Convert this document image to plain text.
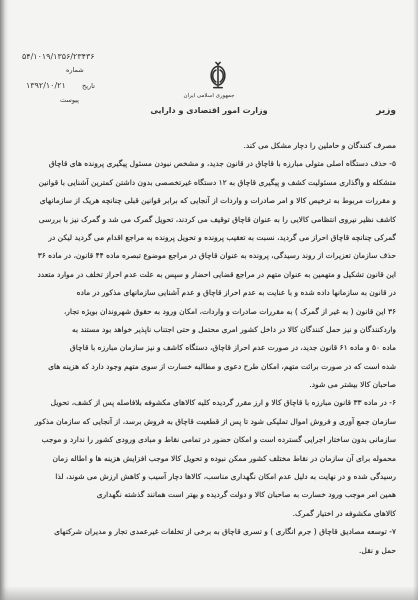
۵۴/۱۰۱۹/۱۳۵۶/۲۳۴۳۶
شماره
۱۳۹۲/۱۰/۲۱ تاریخ
پیوست	جمهوری اسلامی ایران
وزارت امور اقتصادی و دارایی	وزیر
مصرف کنندگان و حاملین را دچار مشکل می کند.
۵- حذف دستگاه اصلی متولی مبارزه با قاچاق در قانون جدید، و مشخص نبودن مسئول پیگیری پرونده های قاچاق
متشکله و واگذاری مسئولیت کشف و پیگیری قاچاق به ۱۲ دستگاه غیرتخصصی بدون داشتن کمترین آشنایی با قوانین
و مقررات مربوط به ترخیص کالا و امر صادرات و واردات از آنجایی که برابر قوانین قبلی چنانچه هریک از سازمانهای
کاشف نظیر نیروی انتظامی کالایی را به عنوان قاچاق توقیف می کردند، تحویل گمرک می شد و گمرک نیز با بررسی
گمرکی چنانچه قاچاق احراز می گردید، نسبت به تعقیب پرونده و تحویل پرونده به مراجع اقدام می گردید لیکن در
حذف سازمان تعزیرات از روند رسیدگی، پرونده به عنوان قاچاق در مراجع موضوع تبصره ماده ۴۴ قانون، در ماده ۳۶
این قانون تشکیل و متهمین به عنوان متهم در مراجع قضایی احضار و سپس به علت عدم احراز تخلف در موارد متعدد
در قانون به سازمانها داده شده و با عنایت به عدم احراز قاچاق و عدم آشنایی سازمانهای مذکور در ماده
۳۶ این قانون ( به غیر از گمرک ) به مقررات صادرات و واردات، امکان ورود به حقوق شهروندان بویژه تجار،
واردکنندگان و نیز حمل کنندگان کالا در داخل کشور امری محتمل و حتی اجتناب ناپذیر خواهد بود مستند به
ماده ۵۰ و ماده ۶۱ قانون جدید، در صورت عدم احراز قاچاق، دستگاه کاشف و نیز سازمان مبارزه با قاچاق
شده است که در صورت برائت متهم، امکان طرح دعوی و مطالبه خسارت از سوی متهم وجود دارد که هزینه های
صاحبان کالا بیشتر می شود.
۶- در ماده ۳۳ قانون مبارزه با قاچاق کالا و ارز مقرر گردیده کلیه کالاهای مکشوفه بلافاصله پس از کشف، تحویل
سازمان جمع آوری و فروش اموال تملیکی شود تا پس از قطعیت قاچاق به فروش برسد، از آنجایی که سازمان مذکور
سازمانی بدون ساختار اجرایی گسترده است و امکان حضور در تمامی نقاط و مبادی ورودی کشور را ندارد و موجب
محموله برای آن سازمان در نقاط مختلف کشور ممکن نبوده و تحویل کالا موجب افزایش هزینه ها و اطاله زمان
رسیدگی شده و در نهایت به دلیل عدم امکان نگهداری مناسب، کالاها دچار آسیب و کاهش ارزش می شوند، لذا
همین امر موجب ورود خسارت به صاحبان کالا و دولت گردیده و بهتر است همانند گذشته نگهداری
کالاهای مکشوفه در اختیار گمرک.
۷- توسعه مصادیق قاچاق ( جرم انگاری ) و تسری قاچاق به برخی از تخلفات غیرعمدی تجار و مدیران شرکتهای
حمل و نقل.
